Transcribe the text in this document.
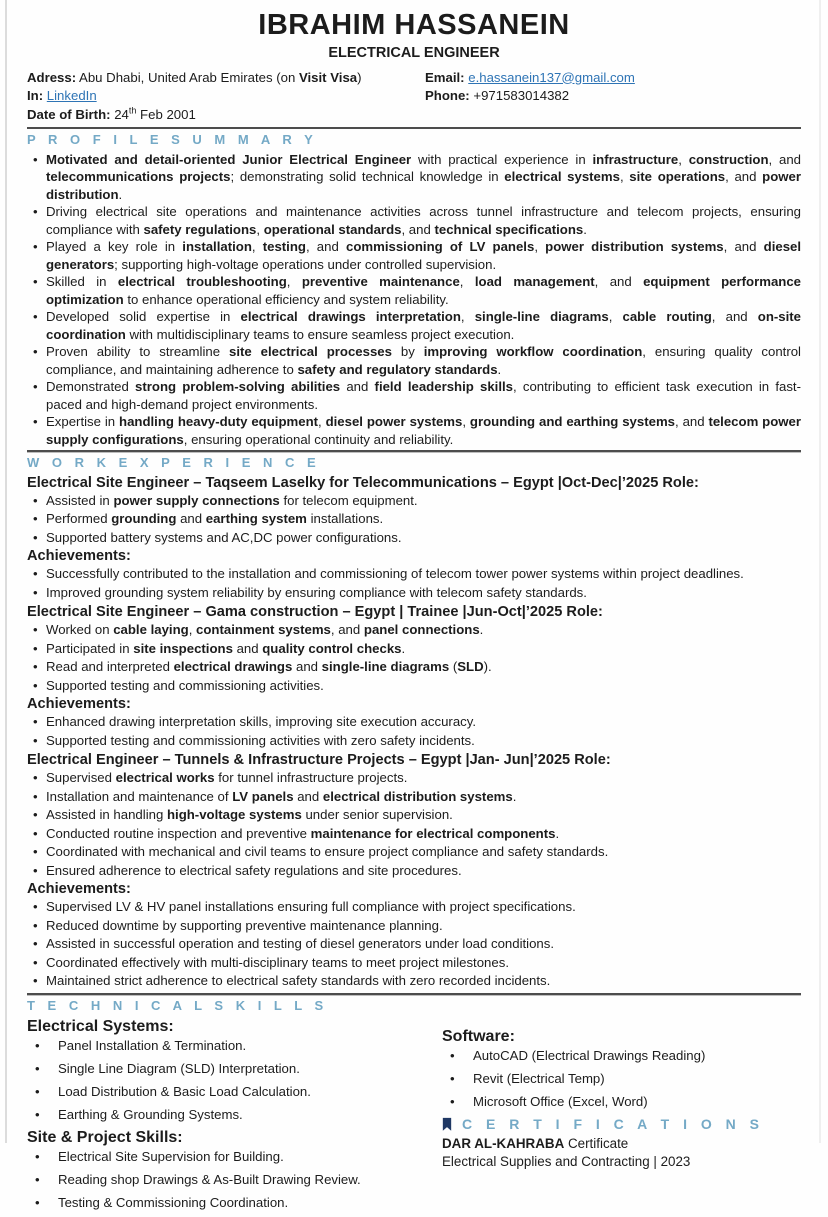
IBRAHIM HASSANEIN
ELECTRICAL ENGINEER
Adress: Abu Dhabi, United Arab Emirates (on Visit Visa)	Email: e.hassanein137@gmail.com
In: LinkedIn	Phone: +971583014382
Date of Birth: 24th Feb 2001
P R O F I L E S U M M A R Y
• Motivated and detail-oriented Junior Electrical Engineer with practical experience in infrastructure, construction, and telecommunications projects; demonstrating solid technical knowledge in electrical systems, site operations, and power distribution.
• Driving electrical site operations and maintenance activities across tunnel infrastructure and telecom projects, ensuring compliance with safety regulations, operational standards, and technical specifications.
• Played a key role in installation, testing, and commissioning of LV panels, power distribution systems, and diesel generators; supporting high-voltage operations under controlled supervision.
• Skilled in electrical troubleshooting, preventive maintenance, load management, and equipment performance optimization to enhance operational efficiency and system reliability.
• Developed solid expertise in electrical drawings interpretation, single-line diagrams, cable routing, and on-site coordination with multidisciplinary teams to ensure seamless project execution.
• Proven ability to streamline site electrical processes by improving workflow coordination, ensuring quality control compliance, and maintaining adherence to safety and regulatory standards.
• Demonstrated strong problem-solving abilities and field leadership skills, contributing to efficient task execution in fast-paced and high-demand project environments.
• Expertise in handling heavy-duty equipment, diesel power systems, grounding and earthing systems, and telecom power supply configurations, ensuring operational continuity and reliability.
W O R K E X P E R I E N C E
Electrical Site Engineer – Taqseem Laselky for Telecommunications – Egypt |Oct-Dec|’2025 Role:
• Assisted in power supply connections for telecom equipment.
• Performed grounding and earthing system installations.
• Supported battery systems and AC,DC power configurations.
Achievements:
• Successfully contributed to the installation and commissioning of telecom tower power systems within project deadlines.
• Improved grounding system reliability by ensuring compliance with telecom safety standards.
Electrical Site Engineer – Gama construction – Egypt | Trainee |Jun-Oct|’2025 Role:
• Worked on cable laying, containment systems, and panel connections.
• Participated in site inspections and quality control checks.
• Read and interpreted electrical drawings and single-line diagrams (SLD).
• Supported testing and commissioning activities.
Achievements:
• Enhanced drawing interpretation skills, improving site execution accuracy.
• Supported testing and commissioning activities with zero safety incidents.
Electrical Engineer – Tunnels & Infrastructure Projects – Egypt |Jan- Jun|’2025 Role:
• Supervised electrical works for tunnel infrastructure projects.
• Installation and maintenance of LV panels and electrical distribution systems.
• Assisted in handling high-voltage systems under senior supervision.
• Conducted routine inspection and preventive maintenance for electrical components.
• Coordinated with mechanical and civil teams to ensure project compliance and safety standards.
• Ensured adherence to electrical safety regulations and site procedures.
Achievements:
• Supervised LV & HV panel installations ensuring full compliance with project specifications.
• Reduced downtime by supporting preventive maintenance planning.
• Assisted in successful operation and testing of diesel generators under load conditions.
• Coordinated effectively with multi-disciplinary teams to meet project milestones.
• Maintained strict adherence to electrical safety standards with zero recorded incidents.
T E C H N I C A L S K I L L S
Electrical Systems:
• Panel Installation & Termination.
• Single Line Diagram (SLD) Interpretation.
• Load Distribution & Basic Load Calculation.
• Earthing & Grounding Systems.
Site & Project Skills:
• Electrical Site Supervision for Building.
• Reading shop Drawings & As-Built Drawing Review.
• Testing & Commissioning Coordination.
Software:
• AutoCAD (Electrical Drawings Reading)
• Revit (Electrical Temp)
• Microsoft Office (Excel, Word)
C E R T I F I C A T I O N S
DAR AL-KAHRABA Certificate
Electrical Supplies and Contracting | 2023
